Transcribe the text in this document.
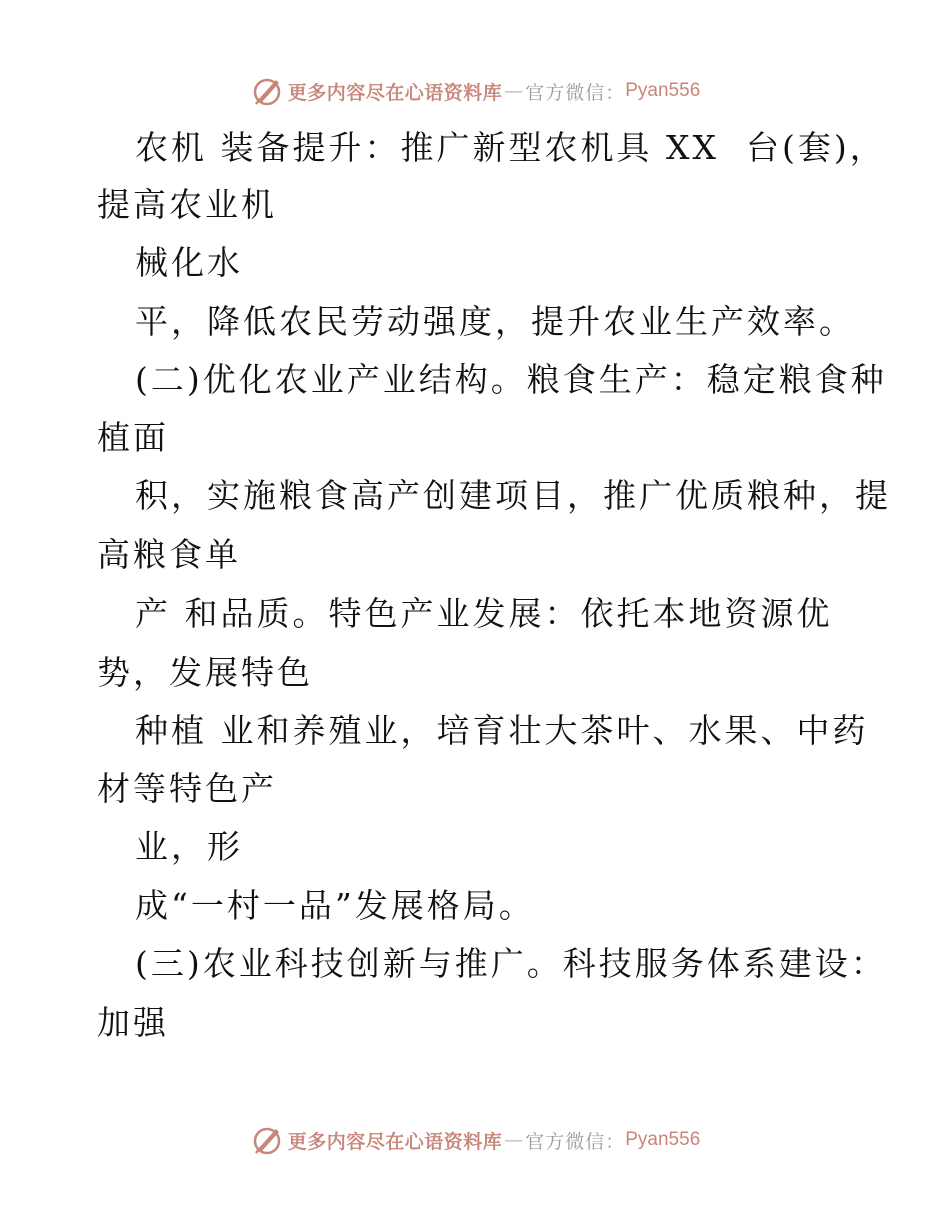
更多内容尽在心语资料库 — 官方微信： Pyan556
农机 装备提升：推广新型农机具 XX  台(套)，
提高农业机
械化水
平，降低农民劳动强度，提升农业生产效率。
(二)优化农业产业结构。粮食生产：稳定粮食种
植面
积，实施粮食高产创建项目，推广优质粮种，提
高粮食单
产 和品质。特色产业发展：依托本地资源优
势，发展特色
种植 业和养殖业，培育壮大茶叶、水果、中药
材等特色产
业，形
成“一村一品”发展格局。
(三)农业科技创新与推广。科技服务体系建设：
加强
更多内容尽在心语资料库 — 官方微信： Pyan556
